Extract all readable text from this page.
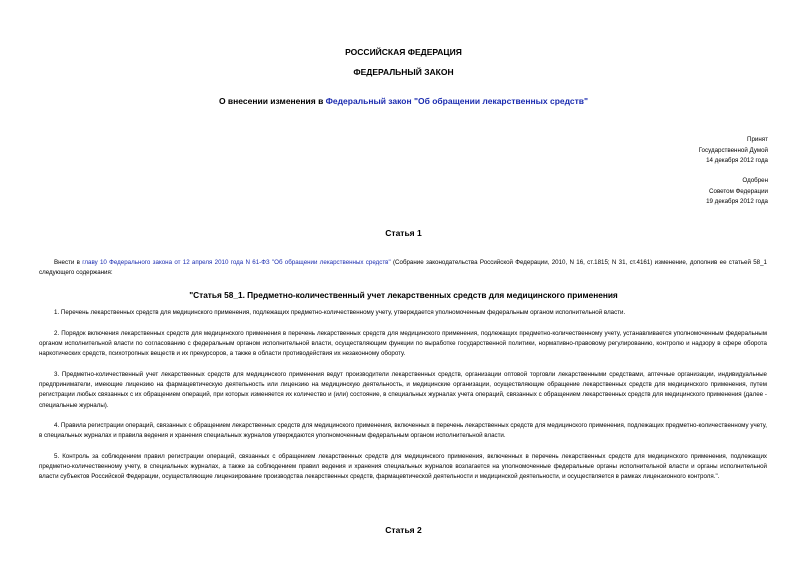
РОССИЙСКАЯ ФЕДЕРАЦИЯ
ФЕДЕРАЛЬНЫЙ ЗАКОН
О внесении изменения в Федеральный закон "Об обращении лекарственных средств"
Принят
Государственной Думой
14 декабря 2012 года
Одобрен
Советом Федерации
19 декабря 2012 года
Статья 1
Внести в главу 10 Федерального закона от 12 апреля 2010 года N 61-ФЗ "Об обращении лекарственных средств" (Собрание законодательства Российской Федерации, 2010, N 16, ст.1815; N 31, ст.4161) изменение, дополнив ее статьей 58_1 следующего содержания:
"Статья 58_1. Предметно-количественный учет лекарственных средств для медицинского применения
1. Перечень лекарственных средств для медицинского применения, подлежащих предметно-количественному учету, утверждается уполномоченным федеральным органом исполнительной власти.
2. Порядок включения лекарственных средств для медицинского применения в перечень лекарственных средств для медицинского применения, подлежащих предметно-количественному учету, устанавливается уполномоченным федеральным органом исполнительной власти по согласованию с федеральным органом исполнительной власти, осуществляющим функции по выработке государственной политики, нормативно-правовому регулированию, контролю и надзору в сфере оборота наркотических средств, психотропных веществ и их прекурсоров, а также в области противодействия их незаконному обороту.
3. Предметно-количественный учет лекарственных средств для медицинского применения ведут производители лекарственных средств, организации оптовой торговли лекарственными средствами, аптечные организации, индивидуальные предприниматели, имеющие лицензию на фармацевтическую деятельность или лицензию на медицинскую деятельность, и медицинские организации, осуществляющие обращение лекарственных средств для медицинского применения, путем регистрации любых связанных с их обращением операций, при которых изменяется их количество и (или) состояние, в специальных журналах учета операций, связанных с обращением лекарственных средств для медицинского применения (далее - специальные журналы).
4. Правила регистрации операций, связанных с обращением лекарственных средств для медицинского применения, включенных в перечень лекарственных средств для медицинского применения, подлежащих предметно-количественному учету, в специальных журналах и правила ведения и хранения специальных журналов утверждаются уполномоченным федеральным органом исполнительной власти.
5. Контроль за соблюдением правил регистрации операций, связанных с обращением лекарственных средств для медицинского применения, включенных в перечень лекарственных средств для медицинского применения, подлежащих предметно-количественному учету, в специальных журналах, а также за соблюдением правил ведения и хранения специальных журналов возлагается на уполномоченные федеральные органы исполнительной власти и органы исполнительной власти субъектов Российской Федерации, осуществляющие лицензирование производства лекарственных средств, фармацевтической деятельности и медицинской деятельности, и осуществляется в рамках лицензионного контроля.".
Статья 2
